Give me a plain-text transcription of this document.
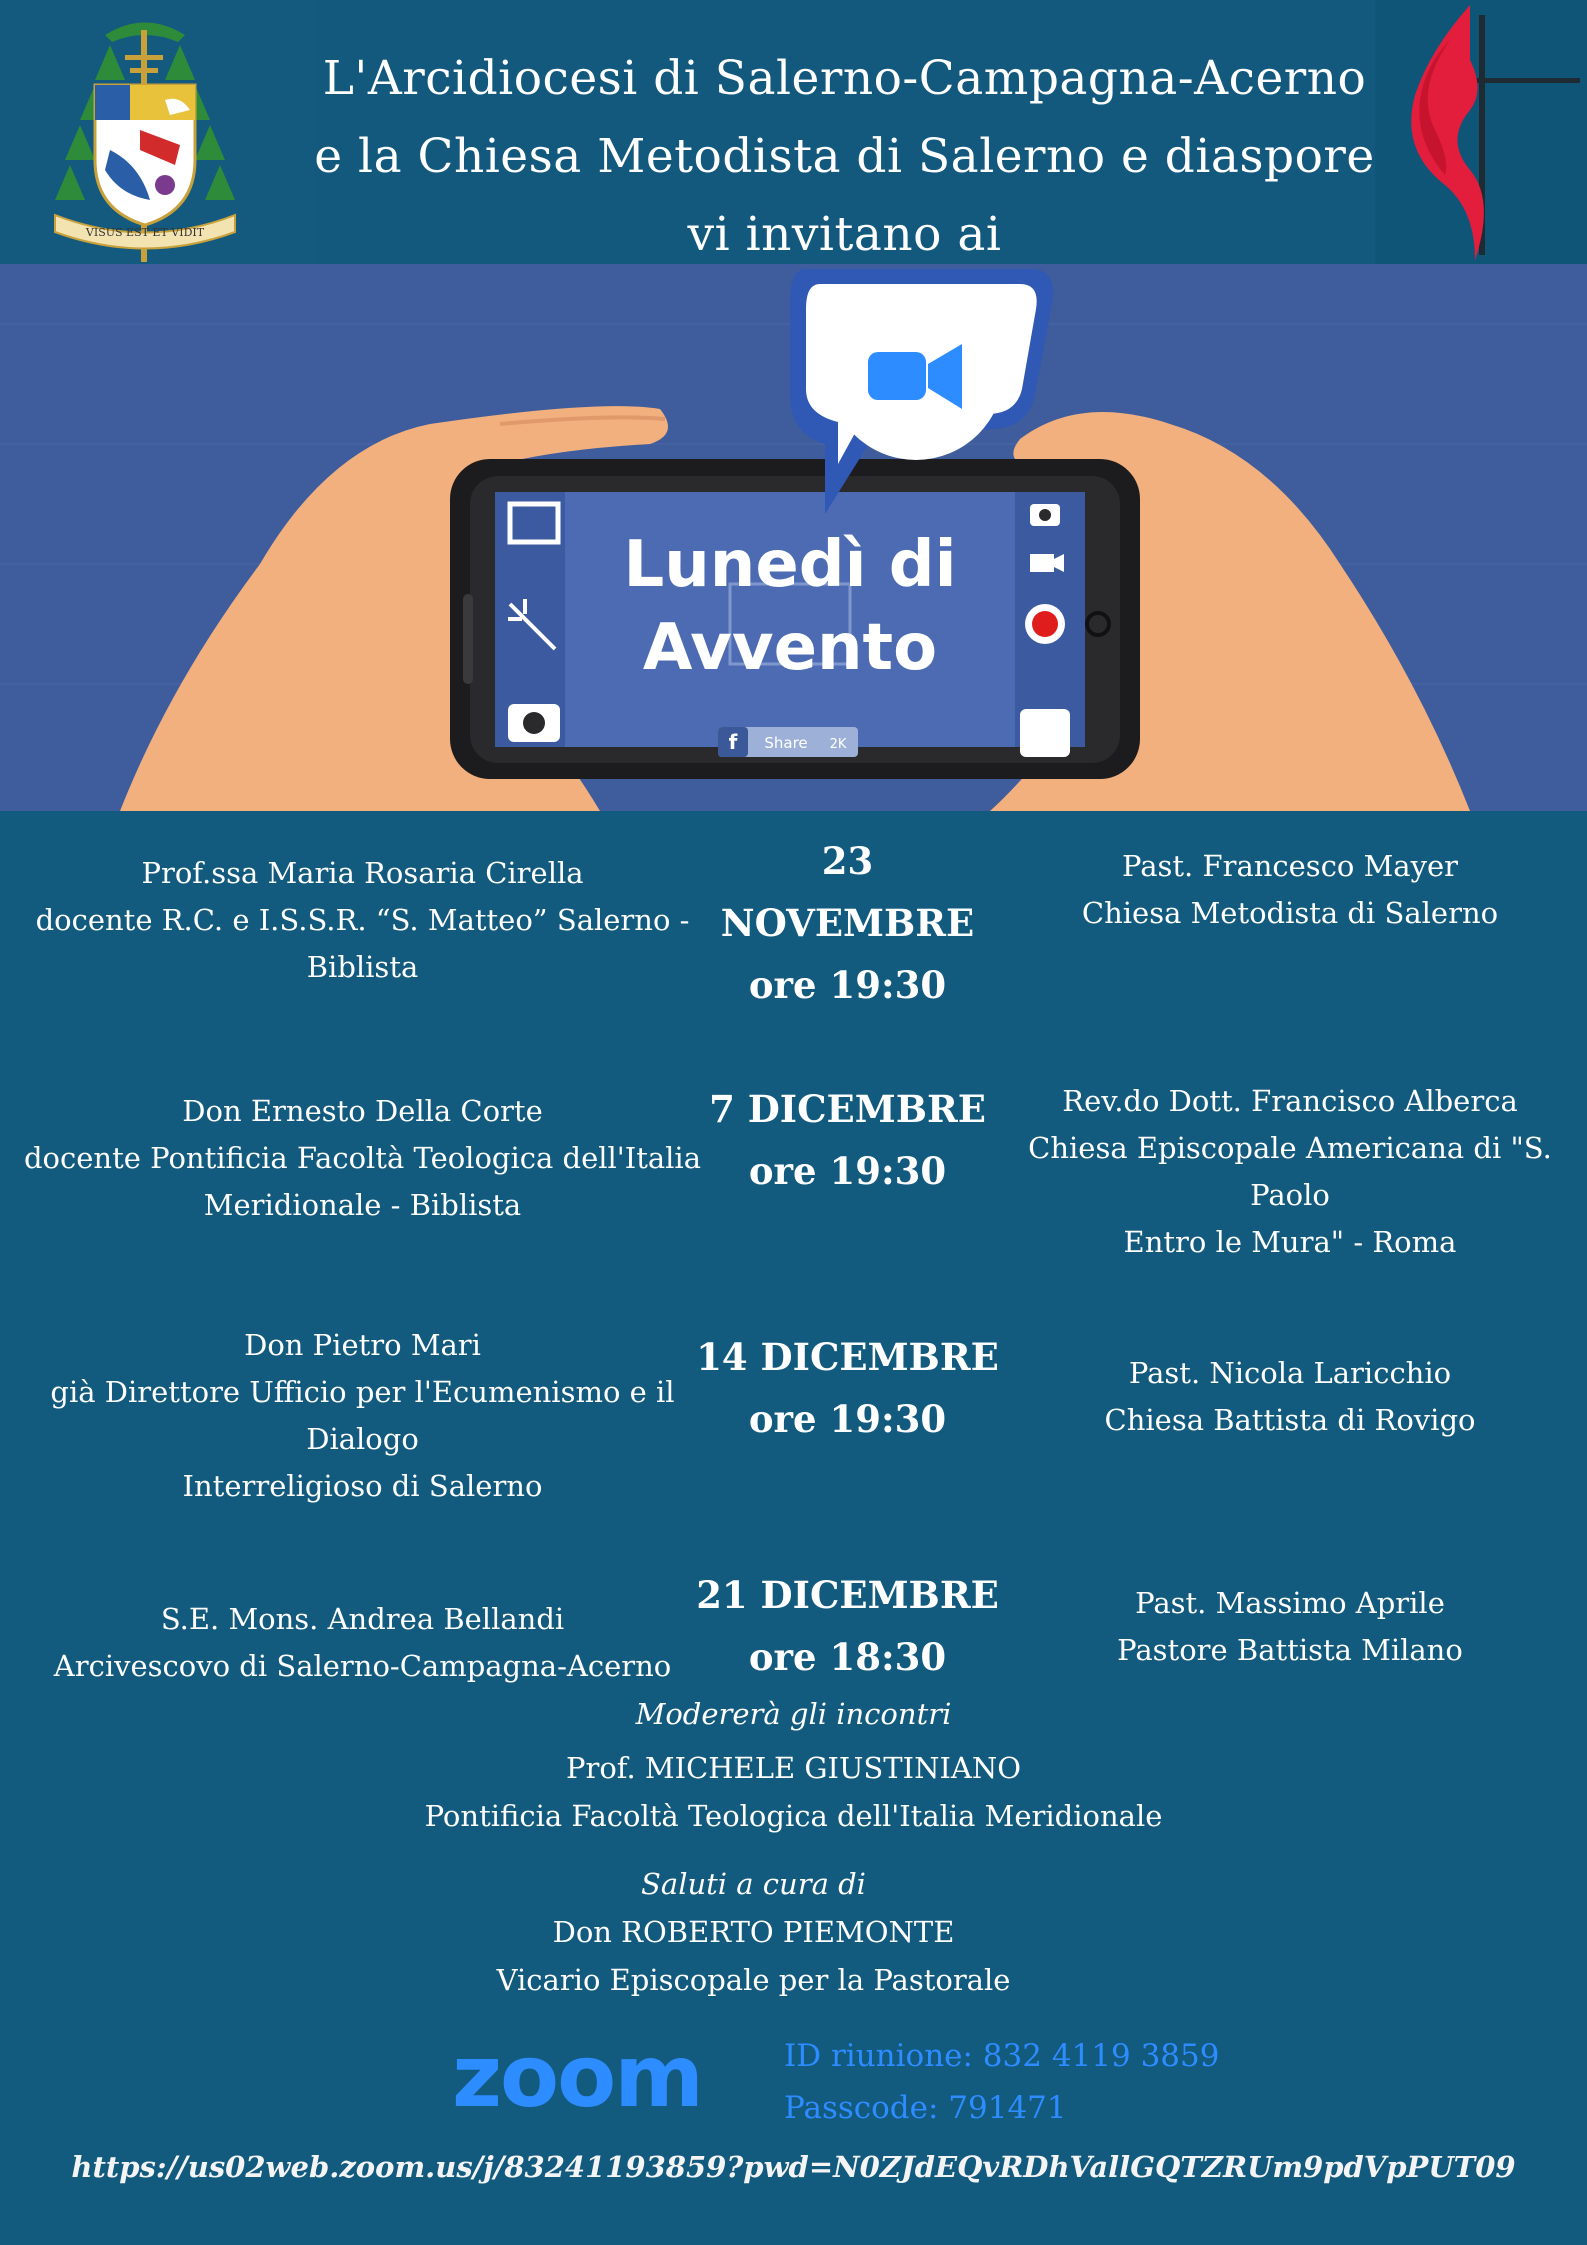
VISUS EST ET VIDIT
L'Arcidiocesi di Salerno-Campagna-Acerno
e la Chiesa Metodista di Salerno e diaspore
vi invitano ai
f Share 2K
Lunedì di
Avvento
Prof.ssa Maria Rosaria Cirella
docente R.C. e I.S.S.R. “S. Matteo” Salerno - Biblista
23 NOVEMBRE
ore 19:30
Past. Francesco Mayer
Chiesa Metodista di Salerno
Don Ernesto Della Corte
docente Pontificia Facoltà Teologica dell'Italia
Meridionale - Biblista
7 DICEMBRE
ore 19:30
Rev.do Dott. Francisco Alberca
Chiesa Episcopale Americana di "S. Paolo
Entro le Mura" - Roma
Don Pietro Mari
già Direttore Ufficio per l'Ecumenismo e il Dialogo
Interreligioso di Salerno
14 DICEMBRE
ore 19:30
Past. Nicola Laricchio
Chiesa Battista di Rovigo
S.E. Mons. Andrea Bellandi
Arcivescovo di Salerno-Campagna-Acerno
21 DICEMBRE
ore 18:30
Past. Massimo Aprile
Pastore Battista Milano
Modererà gli incontri
Prof. MICHELE GIUSTINIANO
Pontificia Facoltà Teologica dell'Italia Meridionale
Saluti a cura di
Don ROBERTO PIEMONTE
Vicario Episcopale per la Pastorale
zoom	ID riunione: 832 4119 3859
Passcode: 791471
https://us02web.zoom.us/j/83241193859?pwd=N0ZJdEQvRDhVallGQTZRUm9pdVpPUT09
